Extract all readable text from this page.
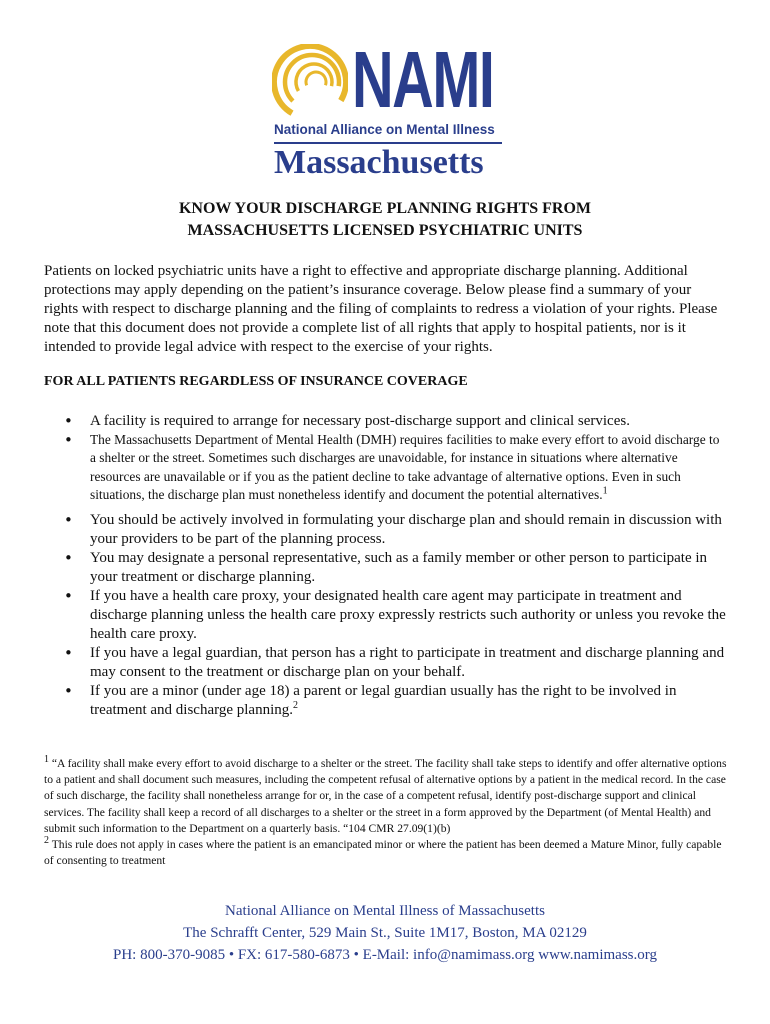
NAMI
National Alliance on Mental Illness
Massachusetts
KNOW YOUR DISCHARGE PLANNING RIGHTS FROM
MASSACHUSETTS LICENSED PSYCHIATRIC UNITS

Patients on locked psychiatric units have a right to effective and appropriate discharge planning. Additional protections may apply depending on the patient’s insurance coverage. Below please find a summary of your rights with respect to discharge planning and the filing of complaints to redress a violation of your rights. Please note that this document does not provide a complete list of all rights that apply to hospital patients, nor is it intended to provide legal advice with respect to the exercise of your rights.

FOR ALL PATIENTS REGARDLESS OF INSURANCE COVERAGE
• A facility is required to arrange for necessary post-discharge support and clinical services.
• The Massachusetts Department of Mental Health (DMH) requires facilities to make every effort to avoid discharge to a shelter or the street. Sometimes such discharges are unavoidable, for instance in situations where alternative resources are unavailable or if you as the patient decline to take advantage of alternative options. Even in such situations, the discharge plan must nonetheless identify and document the potential alternatives.$^1$
• You should be actively involved in formulating your discharge plan and should remain in discussion with your providers to be part of the planning process.
• You may designate a personal representative, such as a family member or other person to participate in your treatment or discharge planning.
• If you have a health care proxy, your designated health care agent may participate in treatment and discharge planning unless the health care proxy expressly restricts such authority or unless you revoke the health care proxy.
• If you have a legal guardian, that person has a right to participate in treatment and discharge planning and may consent to the treatment or discharge plan on your behalf.
• If you are a minor (under age 18) a parent or legal guardian usually has the right to be involved in treatment and discharge planning.$^2$

$^1$ “A facility shall make every effort to avoid discharge to a shelter or the street. The facility shall take steps to identify and offer alternative options to a patient and shall document such measures, including the competent refusal of alternative options by a patient in the medical record. In the case of such discharge, the facility shall nonetheless arrange for or, in the case of a competent refusal, identify post-discharge support and clinical services. The facility shall keep a record of all discharges to a shelter or the street in a form approved by the Department (of Mental Health) and submit such information to the Department on a quarterly basis. “104 CMR 27.09(1)(b)

$^2$ This rule does not apply in cases where the patient is an emancipated minor or where the patient has been deemed a Mature Minor, fully capable of consenting to treatment

National Alliance on Mental Illness of Massachusetts
The Schrafft Center, 529 Main St., Suite 1M17, Boston, MA 02129
PH: 800-370-9085 • FX: 617-580-6873 • E-Mail: info@namimass.org www.namimass.org
